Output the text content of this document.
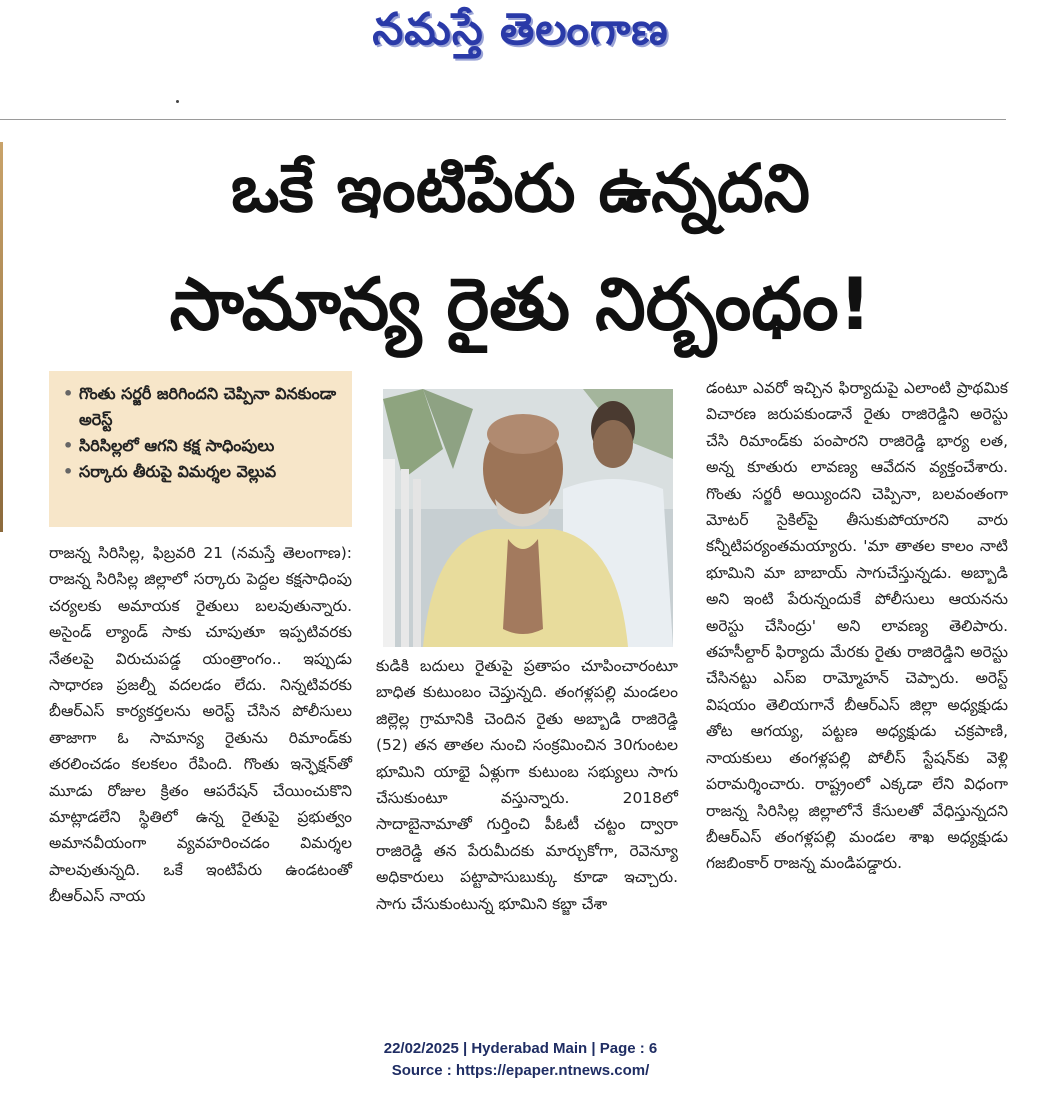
నమస్తే తెలంగాణ
ఒకే ఇంటిపేరు ఉన్నదని
సామాన్య రైతు నిర్బంధం!
• గొంతు సర్జరీ జరిగిందని చెప్పినా వినకుండా అరెస్ట్
• సిరిసిల్లలో ఆగని కక్ష సాధింపులు
• సర్కారు తీరుపై విమర్శల వెల్లువ

రాజన్న సిరిసిల్ల, ఫిబ్రవరి 21 (నమస్తే తెలంగాణ): రాజన్న సిరిసిల్ల జిల్లాలో సర్కారు పెద్దల కక్షసాధింపు చర్యలకు అమాయక రైతులు బలవుతున్నారు. అసైండ్ ల్యాండ్ సాకు చూపుతూ ఇప్పటివరకు నేతలపై విరుచుపడ్డ యంత్రాంగం.. ఇప్పుడు సాధారణ ప్రజల్నీ వదలడం లేదు. నిన్నటివరకు బీఆర్ఎస్ కార్యకర్తలను అరెస్ట్ చేసిన పోలీసులు తాజాగా ఓ సామాన్య రైతును రిమాండ్‌కు తరలించడం కలకలం రేపింది. గొంతు ఇన్ఫెక్షన్‌తో మూడు రోజుల క్రితం ఆపరేషన్ చేయించుకొని మాట్లాడలేని స్థితిలో ఉన్న రైతుపై ప్రభుత్వం అమానవీయంగా వ్యవహరించడం విమర్శల పాలవుతున్నది. ఒకే ఇంటిపేరు ఉండటంతో బీఆర్ఎస్ నాయ

కుడికి బదులు రైతుపై ప్రతాపం చూపించారంటూ బాధిత కుటుంబం చెప్తున్నది. తంగళ్లపల్లి మండలం జిల్లెల్ల గ్రామానికి చెందిన రైతు అబ్బాడి రాజిరెడ్డి (52) తన తాతల నుంచి సంక్రమించిన 30గుంటల భూమిని యాభై ఏళ్లుగా కుటుంబ సభ్యులు సాగు చేసుకుంటూ వస్తున్నారు. 2018లో సాదాబైనామాతో గుర్తించి పీఓటీ చట్టం ద్వారా రాజిరెడ్డి తన పేరుమీదకు మార్చుకోగా, రెవెన్యూ అధికారులు పట్టాపాసుబుక్కు కూడా ఇచ్చారు. సాగు చేసుకుంటున్న భూమిని కబ్జా చేశా

డంటూ ఎవరో ఇచ్చిన ఫిర్యాదుపై ఎలాంటి ప్రాథమిక విచారణ జరుపకుండానే రైతు రాజిరెడ్డిని అరెస్టు చేసి రిమాండ్‌కు పంపారని రాజిరెడ్డి భార్య లత, అన్న కూతురు లావణ్య ఆవేదన వ్యక్తంచేశారు. గొంతు సర్జరీ అయ్యిందని చెప్పినా, బలవంతంగా మోటర్ సైకిల్‌పై తీసుకుపోయారని వారు కన్నీటిపర్యంతమయ్యారు. 'మా తాతల కాలం నాటి భూమిని మా బాబాయ్ సాగుచేస్తున్నడు. అబ్బాడి అని ఇంటి పేరున్నందుకే పోలీసులు ఆయనను అరెస్టు చేసింద్రు' అని లావణ్య తెలిపారు. తహసీల్దార్ ఫిర్యాదు మేరకు రైతు రాజిరెడ్డిని అరెస్టు చేసినట్టు ఎస్ఐ రామ్మోహన్ చెప్పారు. అరెస్ట్ విషయం తెలియగానే బీఆర్ఎస్ జిల్లా అధ్యక్షుడు తోట ఆగయ్య, పట్టణ అధ్యక్షుడు చక్రపాణి, నాయకులు తంగళ్లపల్లి పోలీస్ స్టేషన్‌కు వెళ్లి పరామర్శించారు. రాష్ట్రంలో ఎక్కడా లేని విధంగా రాజన్న సిరిసిల్ల జిల్లాలోనే కేసులతో వేధిస్తున్నదని బీఆర్ఎస్ తంగళ్లపల్లి మండల శాఖ అధ్యక్షుడు గజబింకార్ రాజన్న మండిపడ్డారు.

22/02/2025 | Hyderabad Main | Page : 6
Source : https://epaper.ntnews.com/
